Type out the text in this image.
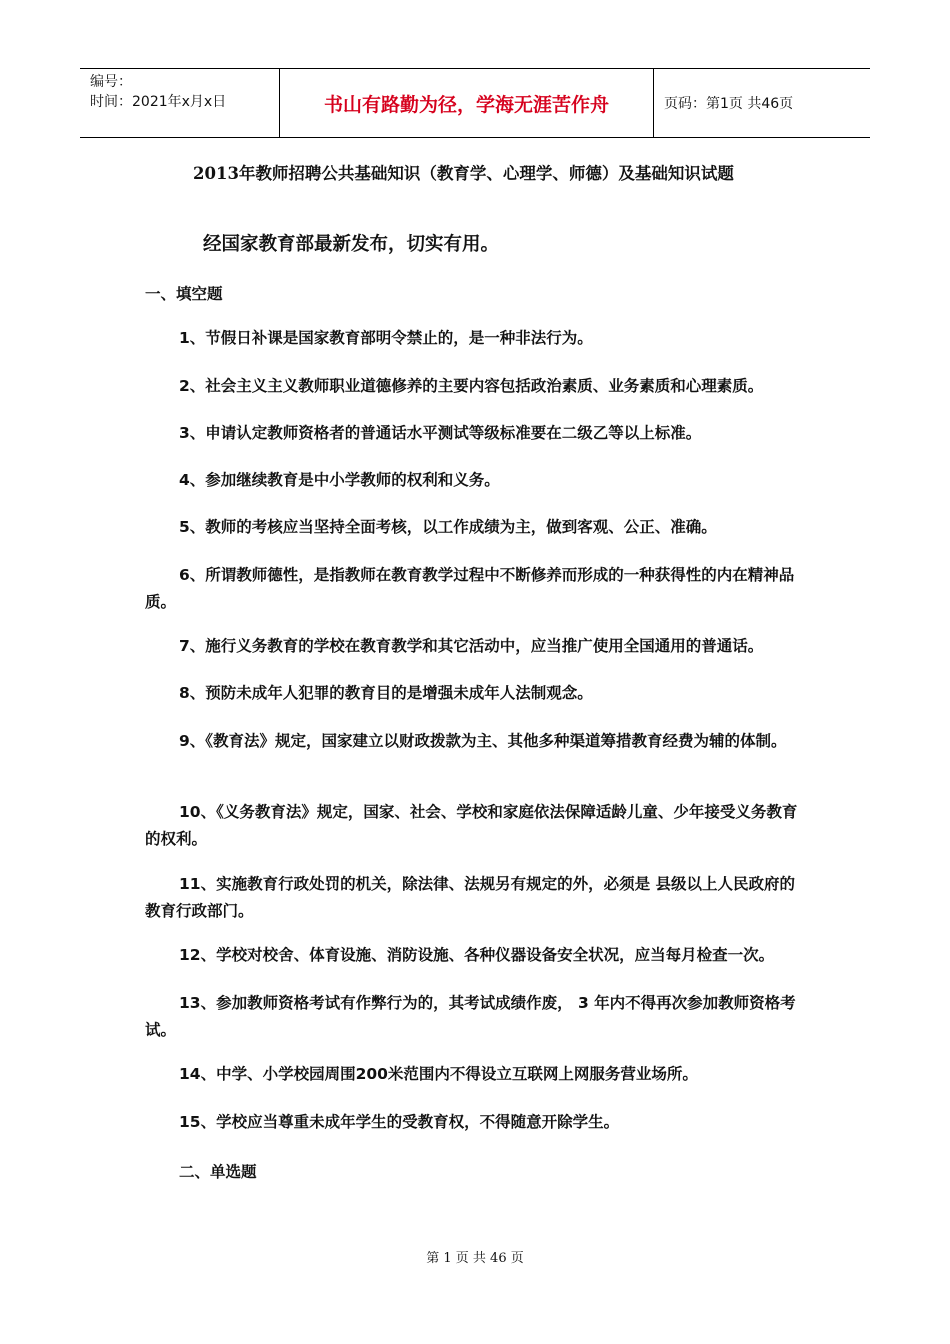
编号：
时间：2021年x月x日	书山有路勤为径，学海无涯苦作舟	页码：第1页 共46页
2013年教师招聘公共基础知识（教育学、心理学、师德）及基础知识试题
经国家教育部最新发布，切实有用。
一、填空题
1、节假日补课是国家教育部明令禁止的，是一种非法行为。
2、社会主义主义教师职业道德修养的主要内容包括政治素质、业务素质和心理素质。
3、申请认定教师资格者的普通话水平测试等级标准要在二级乙等以上标准。
4、参加继续教育是中小学教师的权利和义务。
5、教师的考核应当坚持全面考核，以工作成绩为主，做到客观、公正、准确。
6、所谓教师德性，是指教师在教育教学过程中不断修养而形成的一种获得性的内在精神品质。
7、施行义务教育的学校在教育教学和其它活动中，应当推广使用全国通用的普通话。
8、预防未成年人犯罪的教育目的是增强未成年人法制观念。
9、《教育法》规定，国家建立以财政拨款为主、其他多种渠道筹措教育经费为辅的体制。
10、《义务教育法》规定，国家、社会、学校和家庭依法保障适龄儿童、少年接受义务教育的权利。
11、实施教育行政处罚的机关，除法律、法规另有规定的外，必须是 县级以上人民政府的教育行政部门。
12、学校对校舍、体育设施、消防设施、各种仪器设备安全状况，应当每月检查一次。
13、参加教师资格考试有作弊行为的，其考试成绩作废， 3 年内不得再次参加教师资格考试。
14、中学、小学校园周围200米范围内不得设立互联网上网服务营业场所。
15、学校应当尊重未成年学生的受教育权，不得随意开除学生。
二、单选题
第 1 页 共 46 页
